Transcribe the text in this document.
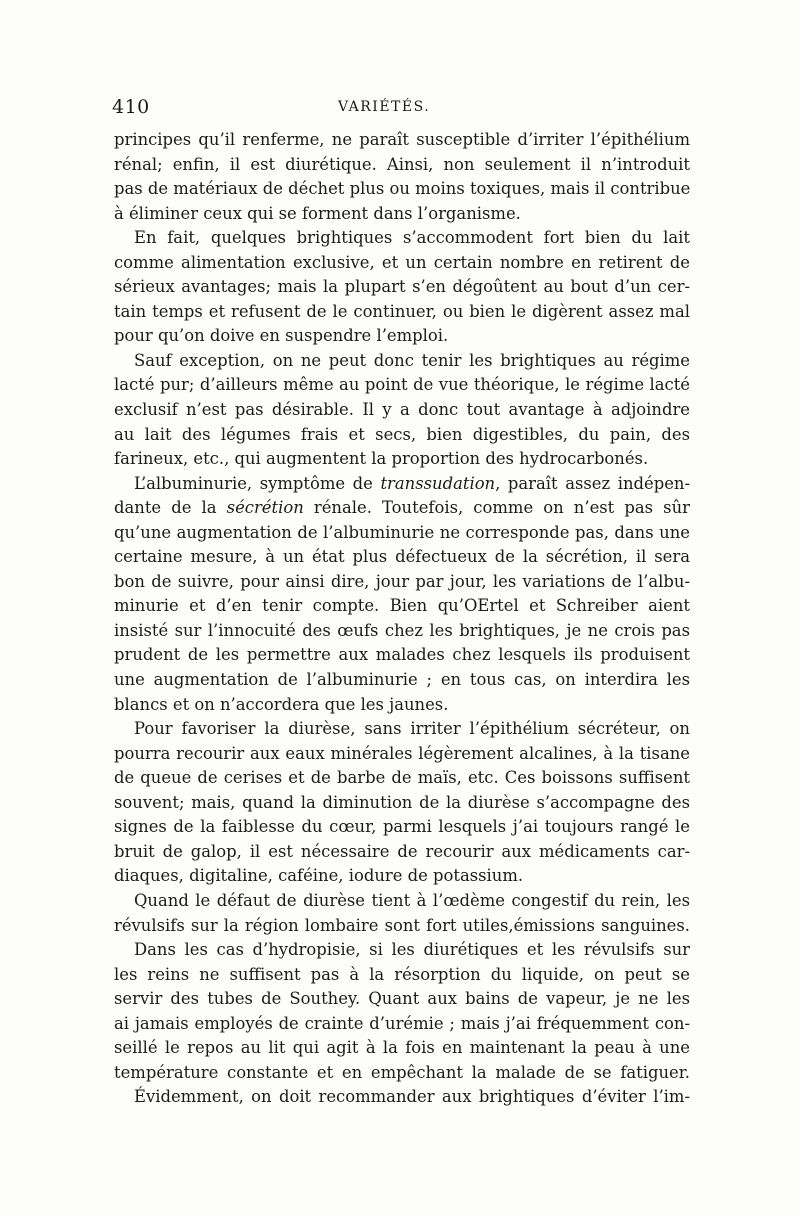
410	VARIÉTÉS.
principes qu’il renferme, ne paraît susceptible d’irriter l’épithélium
rénal; enfin, il est diurétique. Ainsi, non seulement il n’introduit
pas de matériaux de déchet plus ou moins toxiques, mais il contribue
à éliminer ceux qui se forment dans l’organisme.
En fait, quelques brightiques s’accommodent fort bien du lait
comme alimentation exclusive, et un certain nombre en retirent de
sérieux avantages; mais la plupart s’en dégoûtent au bout d’un cer-
tain temps et refusent de le continuer, ou bien le digèrent assez mal
pour qu’on doive en suspendre l’emploi.
Sauf exception, on ne peut donc tenir les brightiques au régime
lacté pur; d’ailleurs même au point de vue théorique, le régime lacté
exclusif n’est pas désirable. Il y a donc tout avantage à adjoindre
au lait des légumes frais et secs, bien digestibles, du pain, des
farineux, etc., qui augmentent la proportion des hydrocarbonés.
L’albuminurie, symptôme de transsudation, paraît assez indépen-
dante de la sécrétion rénale. Toutefois, comme on n’est pas sûr
qu’une augmentation de l’albuminurie ne corresponde pas, dans une
certaine mesure, à un état plus défectueux de la sécrétion, il sera
bon de suivre, pour ainsi dire, jour par jour, les variations de l’albu-
minurie et d’en tenir compte. Bien qu’OErtel et Schreiber aient
insisté sur l’innocuité des œufs chez les brightiques, je ne crois pas
prudent de les permettre aux malades chez lesquels ils produisent
une augmentation de l’albuminurie ; en tous cas, on interdira les
blancs et on n’accordera que les jaunes.
Pour favoriser la diurèse, sans irriter l’épithélium sécréteur, on
pourra recourir aux eaux minérales légèrement alcalines, à la tisane
de queue de cerises et de barbe de maïs, etc. Ces boissons suffisent
souvent; mais, quand la diminution de la diurèse s’accompagne des
signes de la faiblesse du cœur, parmi lesquels j’ai toujours rangé le
bruit de galop, il est nécessaire de recourir aux médicaments car-
diaques, digitaline, caféine, iodure de potassium.
Quand le défaut de diurèse tient à l’œdème congestif du rein, les
révulsifs sur la région lombaire sont fort utiles,émissions sanguines.
Dans les cas d’hydropisie, si les diurétiques et les révulsifs sur
les reins ne suffisent pas à la résorption du liquide, on peut se
servir des tubes de Southey. Quant aux bains de vapeur, je ne les
ai jamais employés de crainte d’urémie ; mais j’ai fréquemment con-
seillé le repos au lit qui agit à la fois en maintenant la peau à une
température constante et en empêchant la malade de se fatiguer.
Évidemment, on doit recommander aux brightiques d’éviter l’im-
